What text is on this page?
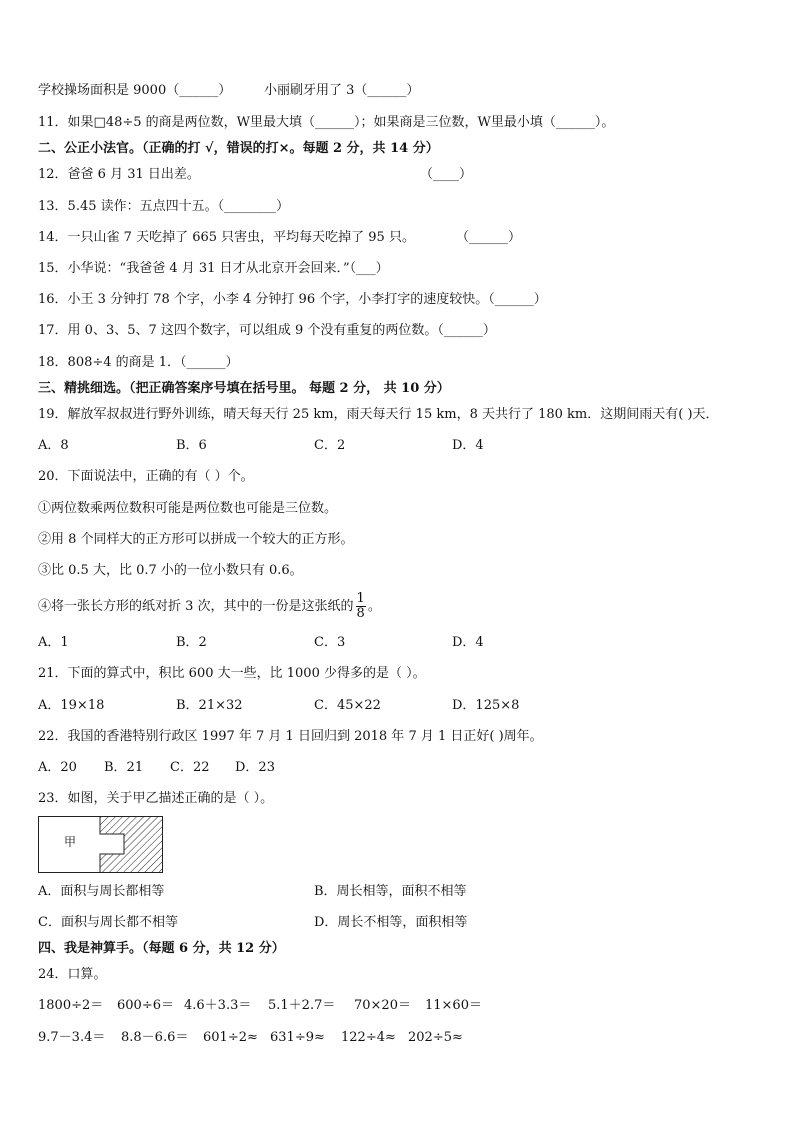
学校操场面积是 9000（______）	小丽刷牙用了 3（______）
11．如果□48÷5 的商是两位数，W里最大填（______）；如果商是三位数，W里最小填（______）。
二、公正小法官。（正确的打 √，错误的打×。每题 2 分，共 14 分）
12．爸爸 6 月 31 日出差。	（____）
13．5.45 读作：五点四十五。（________）
14．一只山雀 7 天吃掉了 665 只害虫，平均每天吃掉了 95 只。	（______）
15．小华说：“我爸爸 4 月 31 日才从北京开会回来．”（___）
16．小王 3 分钟打 78 个字，小李 4 分钟打 96 个字，小李打字的速度较快。（______）
17．用 0、3、5、7 这四个数字，可以组成 9 个没有重复的两位数。（______）
18．808÷4 的商是 1．（______）
三、精挑细选。（把正确答案序号填在括号里。 每题 2 分， 共 10 分）
19．解放军叔叔进行野外训练，晴天每天行 25 km，雨天每天行 15 km，8 天共行了 180 km．这期间雨天有( )天．
A．8	B．6	C．2	D．4
20．下面说法中，正确的有（ ）个。
①两位数乘两位数积可能是两位数也可能是三位数。
②用 8 个同样大的正方形可以拼成一个较大的正方形。
③比 0.5 大，比 0.7 小的一位小数只有 0.6。
④将一张长方形的纸对折 3 次，其中的一份是这张纸的 $\frac{1}{8}$ 。
A．1	B．2	C．3	D．4
21．下面的算式中，积比 600 大一些，比 1000 少得多的是（ ）。
A．19×18	B．21×32	C．45×22	D．125×8
22．我国的香港特别行政区 1997 年 7 月 1 日回归到 2018 年 7 月 1 日正好( )周年。
A．20 B．21 C．22 D．23
23．如图，关于甲乙描述正确的是（ ）。
甲
A．面积与周长都相等	B．周长相等，面积不相等
C．面积与周长都不相等	D．周长不相等，面积相等
四、我是神算手。（每题 6 分，共 12 分）
24．口算。
1800÷2＝ 600÷6＝ 4.6＋3.3＝ 5.1＋2.7＝ 70×20＝ 11×60＝
9.7－3.4＝ 8.8－6.6＝ 601÷2≈ 631÷9≈ 122÷4≈ 202÷5≈
